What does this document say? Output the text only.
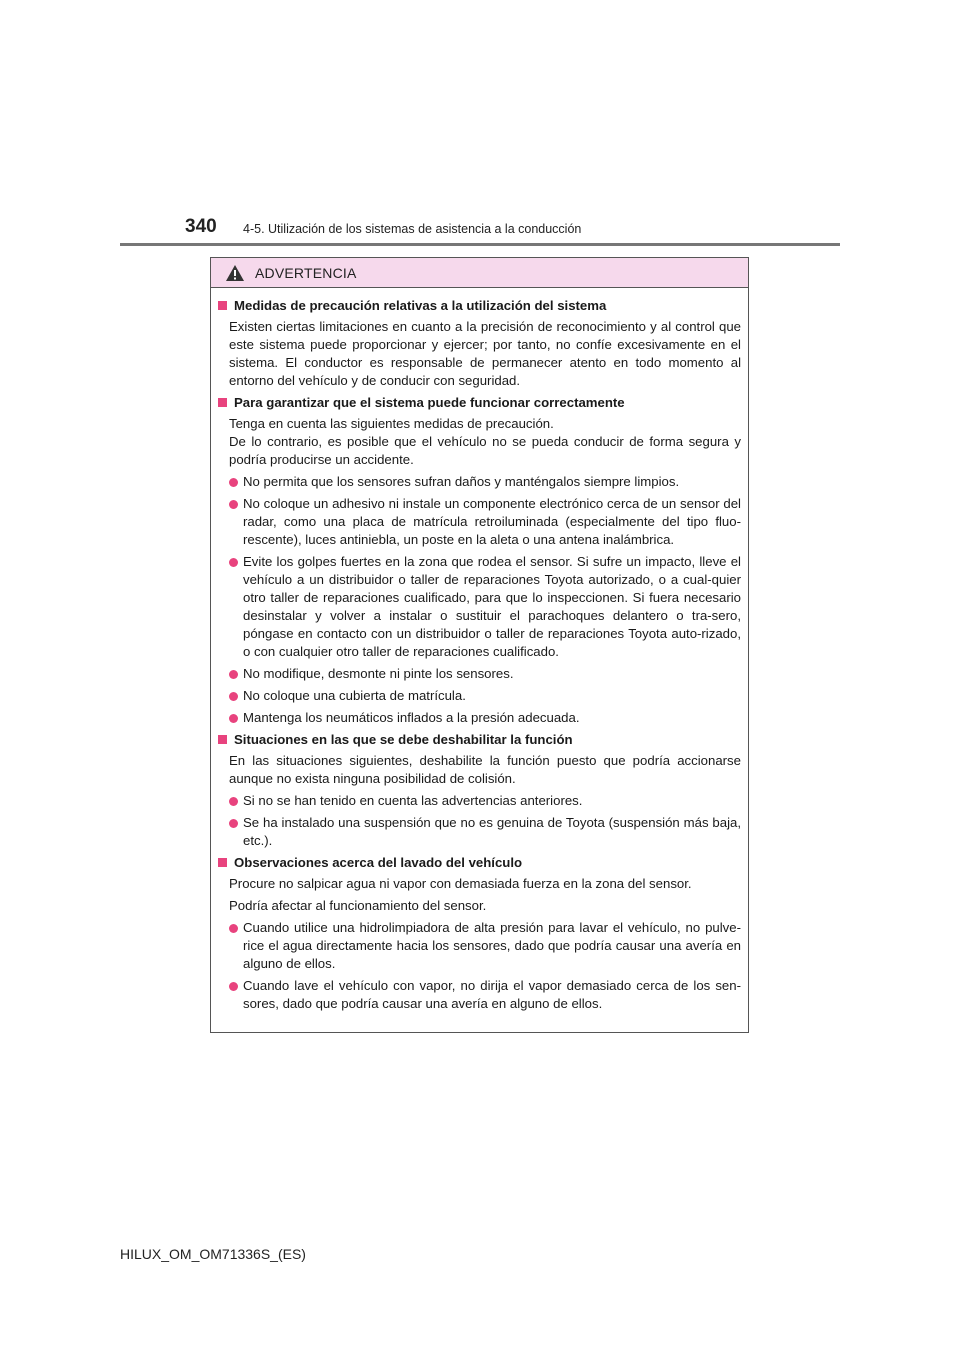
340 4-5. Utilización de los sistemas de asistencia a la conducción
ADVERTENCIA
Medidas de precaución relativas a la utilización del sistema
Existen ciertas limitaciones en cuanto a la precisión de reconocimiento y al control que este sistema puede proporcionar y ejercer; por tanto, no confíe excesivamente en el sistema. El conductor es responsable de permanecer atento en todo momento al entorno del vehículo y de conducir con seguridad.
Para garantizar que el sistema puede funcionar correctamente
Tenga en cuenta las siguientes medidas de precaución.
De lo contrario, es posible que el vehículo no se pueda conducir de forma segura y podría producirse un accidente.
No permita que los sensores sufran daños y manténgalos siempre limpios.
No coloque un adhesivo ni instale un componente electrónico cerca de un sensor del radar, como una placa de matrícula retroiluminada (especialmente del tipo fluo-rescente), luces antiniebla, un poste en la aleta o una antena inalámbrica.
Evite los golpes fuertes en la zona que rodea el sensor. Si sufre un impacto, lleve el vehículo a un distribuidor o taller de reparaciones Toyota autorizado, o a cual-quier otro taller de reparaciones cualificado, para que lo inspeccionen. Si fuera necesario desinstalar y volver a instalar o sustituir el parachoques delantero o tra-sero, póngase en contacto con un distribuidor o taller de reparaciones Toyota auto-rizado, o con cualquier otro taller de reparaciones cualificado.
No modifique, desmonte ni pinte los sensores.
No coloque una cubierta de matrícula.
Mantenga los neumáticos inflados a la presión adecuada.
Situaciones en las que se debe deshabilitar la función
En las situaciones siguientes, deshabilite la función puesto que podría accionarse aunque no exista ninguna posibilidad de colisión.
Si no se han tenido en cuenta las advertencias anteriores.
Se ha instalado una suspensión que no es genuina de Toyota (suspensión más baja, etc.).
Observaciones acerca del lavado del vehículo
Procure no salpicar agua ni vapor con demasiada fuerza en la zona del sensor.
Podría afectar al funcionamiento del sensor.
Cuando utilice una hidrolimpiadora de alta presión para lavar el vehículo, no pulve-rice el agua directamente hacia los sensores, dado que podría causar una avería en alguno de ellos.
Cuando lave el vehículo con vapor, no dirija el vapor demasiado cerca de los sen-sores, dado que podría causar una avería en alguno de ellos.
HILUX_OM_OM71336S_(ES)
